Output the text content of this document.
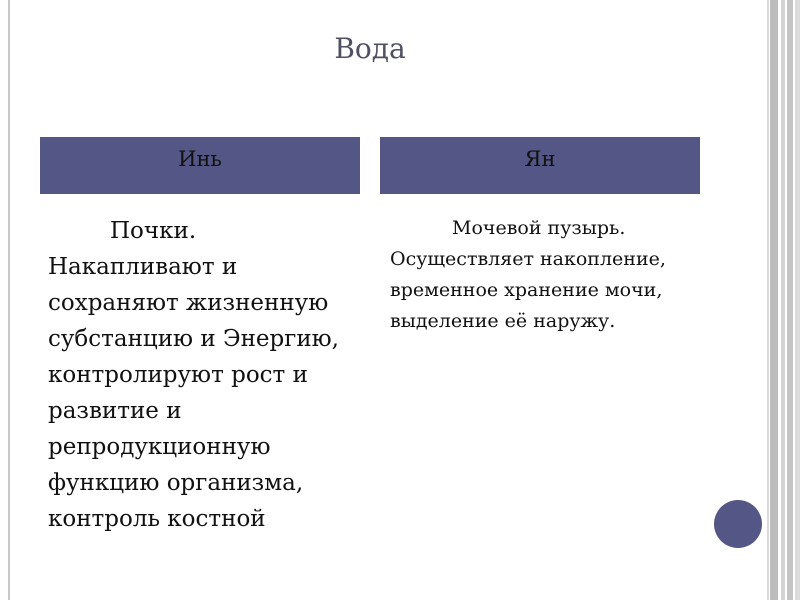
Вода
Инь	Ян
Почки. Накапливают и сохраняют жизненную субстанцию и Энергию, контролируют рост и развитие и репродукционную функцию организма, контроль костной
Мочевой пузырь. Осуществляет накопление, временное хранение мочи, выделение её наружу.
